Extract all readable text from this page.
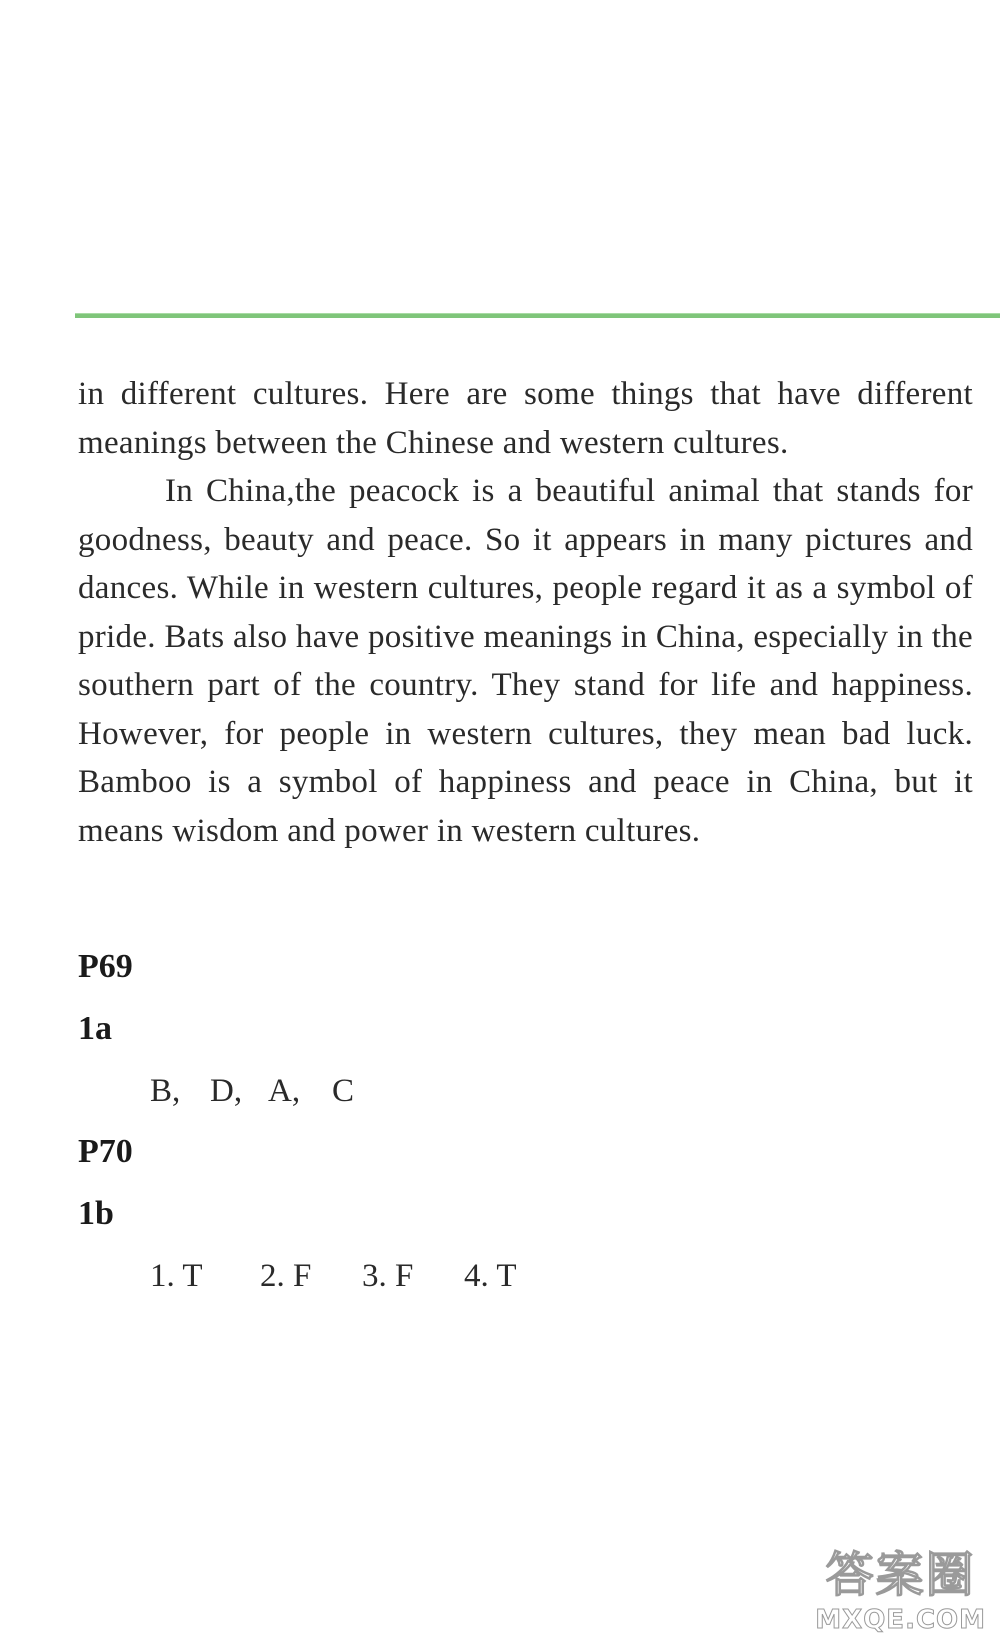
in different cultures. Here are some things that have different meanings between the Chinese and western cultures.

In China,the peacock is a beautiful animal that stands for goodness, beauty and peace. So it appears in many pictures and dances. While in western cultures, people regard it as a symbol of pride. Bats also have positive meanings in China, especially in the southern part of the country. They stand for life and happiness. However, for people in western cultures, they mean bad luck. Bamboo is a symbol of happiness and peace in China, but it means wisdom and power in western cultures.

P69
1a
B, D, A, C
P70
1b
1. T 2. F 3. F 4. T
答案圈
MXQE.COM
